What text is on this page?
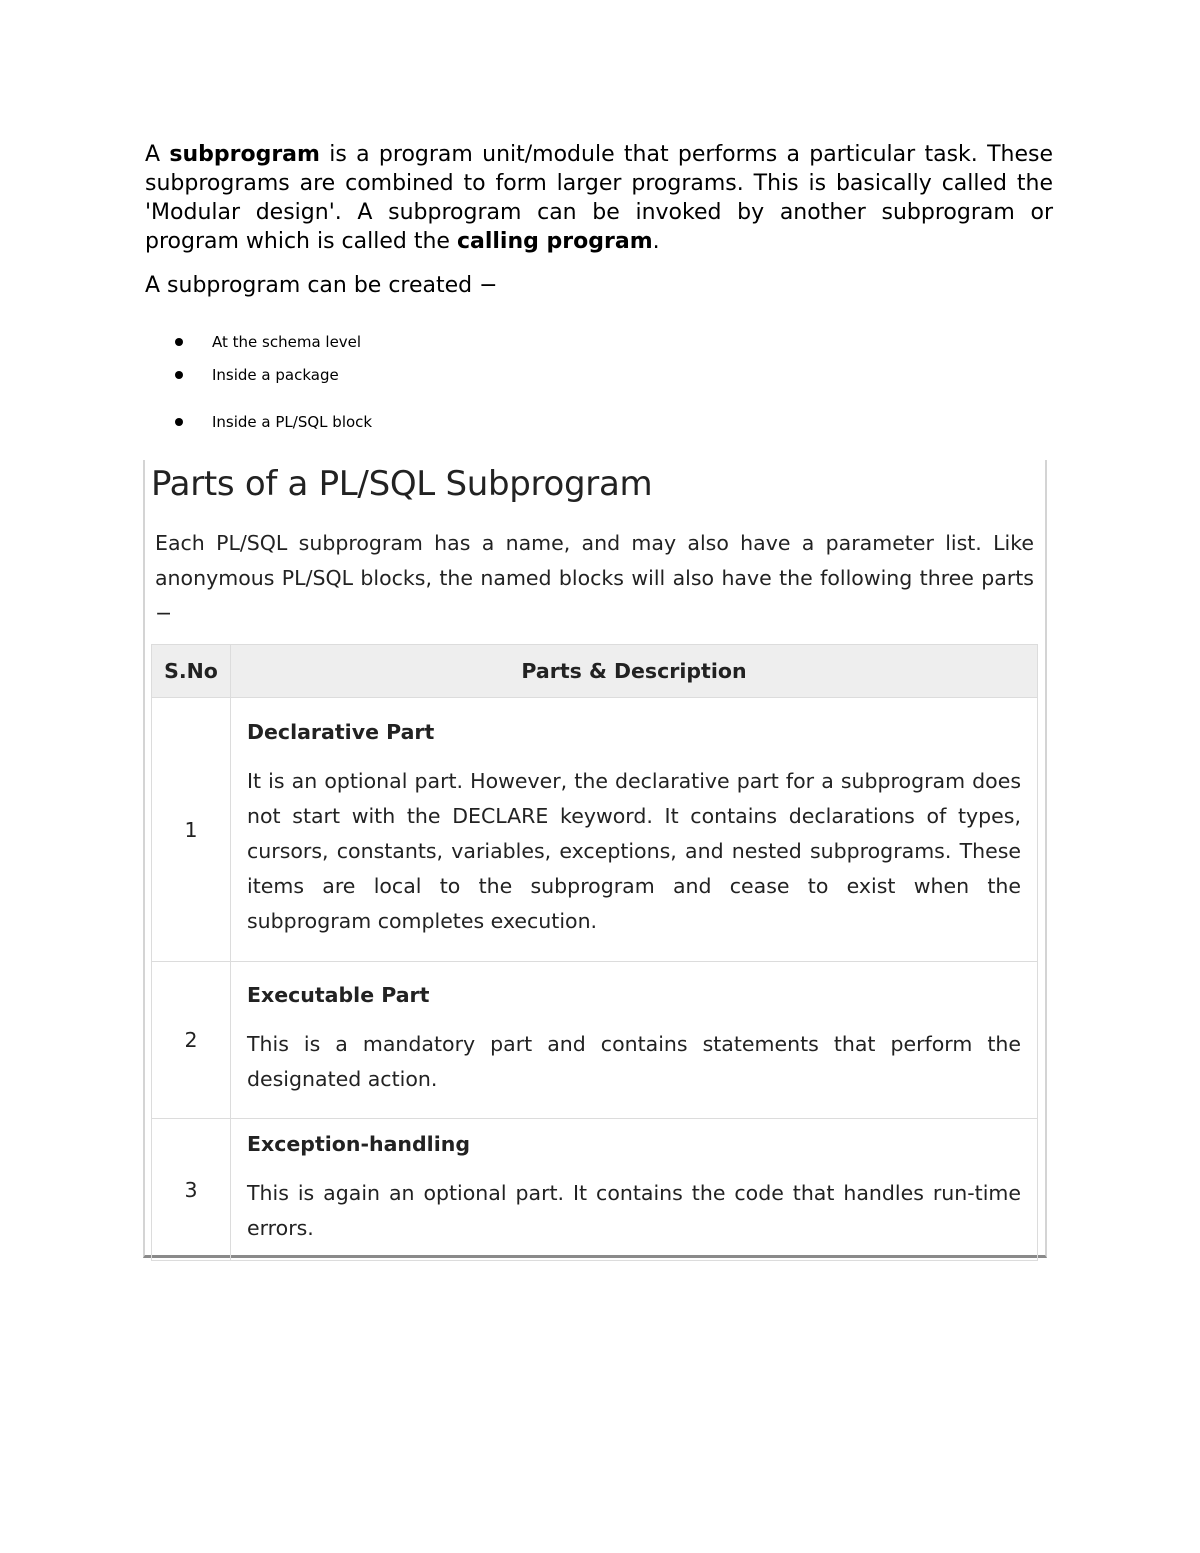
A subprogram is a program unit/module that performs a particular task. These subprograms are combined to form larger programs. This is basically called the 'Modular design'. A subprogram can be invoked by another subprogram or program which is called the calling program.

A subprogram can be created −

At the schema level
Inside a package
Inside a PL/SQL block
Parts of a PL/SQL Subprogram

Each PL/SQL subprogram has a name, and may also have a parameter list. Like anonymous PL/SQL blocks, the named blocks will also have the following three parts −

S.No	Parts & Description
1	Declarative Part
It is an optional part. However, the declarative part for a subprogram does not start with the DECLARE keyword. It contains declarations of types, cursors, constants, variables, exceptions, and nested subprograms. These items are local to the subprogram and cease to exist when the subprogram completes execution.

2	Executable Part
This is a mandatory part and contains statements that perform the designated action.

3	Exception-handling
This is again an optional part. It contains the code that handles run-time errors.
